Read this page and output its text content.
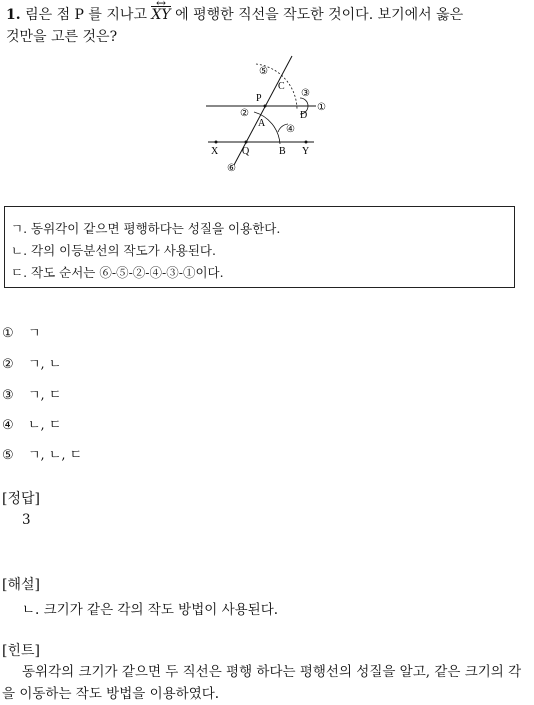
1. 림은 점 P 를 지나고 XY ↔ 에 평행한 직선을 작도한 것이다. 보기에서 옳은
것만을 고른 것은?
P
C
D
A
Q	B
X	Y
①
②
③
④
⑤
⑥
ㄱ. 동위각이 같으면 평행하다는 성질을 이용한다.
ㄴ. 각의 이등분선의 작도가 사용된다.
ㄷ. 작도 순서는 ⑥-⑤-②-④-③-①이다.
① ㄱ
② ㄱ, ㄴ
③ ㄱ, ㄷ
④ ㄴ, ㄷ
⑤ ㄱ, ㄴ, ㄷ
[정답]
3
[해설]
ㄴ. 크기가 같은 각의 작도 방법이 사용된다.
[힌트]
동위각의 크기가 같으면 두 직선은 평행 하다는 평행선의 성질을 알고, 같은 크기의 각을 이동하는 작도 방법을 이용하였다.
